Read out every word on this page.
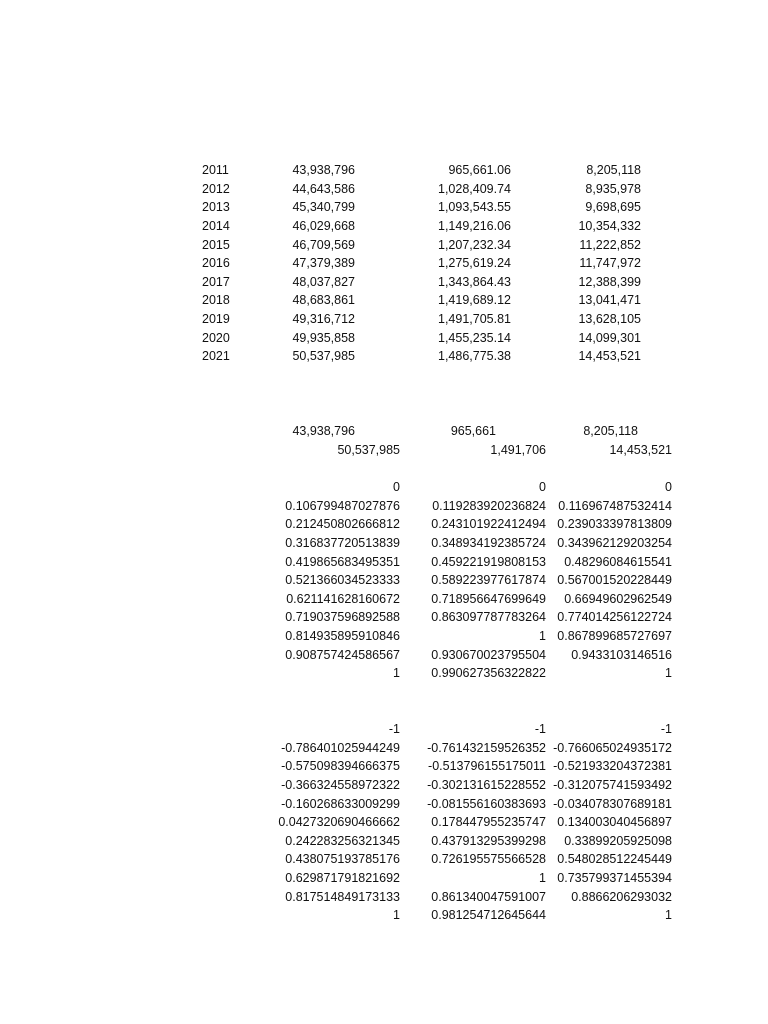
2011	43,938,796	965,661.06	8,205,118
2012	44,643,586	1,028,409.74	8,935,978
2013	45,340,799	1,093,543.55	9,698,695
2014	46,029,668	1,149,216.06	10,354,332
2015	46,709,569	1,207,232.34	11,222,852
2016	47,379,389	1,275,619.24	11,747,972
2017	48,037,827	1,343,864.43	12,388,399
2018	48,683,861	1,419,689.12	13,041,471
2019	49,316,712	1,491,705.81	13,628,105
2020	49,935,858	1,455,235.14	14,099,301
2021	50,537,985	1,486,775.38	14,453,521
43,938,796	965,661	8,205,118
50,537,985	1,491,706	14,453,521
0	0	0
0.106799487027876	0.119283920236824 0.116967487532414
0.212450802666812	0.243101922412494 0.239033397813809
0.316837720513839	0.348934192385724 0.343962129203254
0.419865683495351	0.459221919808153 0.48296084615541
0.521366034523333	0.589223977617874 0.567001520228449
0.621141628160672	0.718956647699649 0.66949602962549
0.719037596892588	0.863097787783264 0.774014256122724
0.814935895910846	1 0.867899685727697
0.908757424586567	0.930670023795504 0.9433103146516
1	0.990627356322822	1
-1	-1	-1
-0.786401025944249 -0.761432159526352 -0.766065024935172
-0.575098394666375 -0.513796155175011 -0.521933204372381
-0.366324558972322 -0.302131615228552 -0.312075741593492
-0.160268633009299 -0.081556160383693 -0.034078307689181
0.0427320690466662	0.178447955235747 0.134003040456897
0.242283256321345	0.437913295399298 0.33899205925098
0.438075193785176	0.726195575566528 0.548028512245449
0.629871791821692	1 0.735799371455394
0.817514849173133	0.861340047591007 0.8866206293032
1	0.981254712645644	1
